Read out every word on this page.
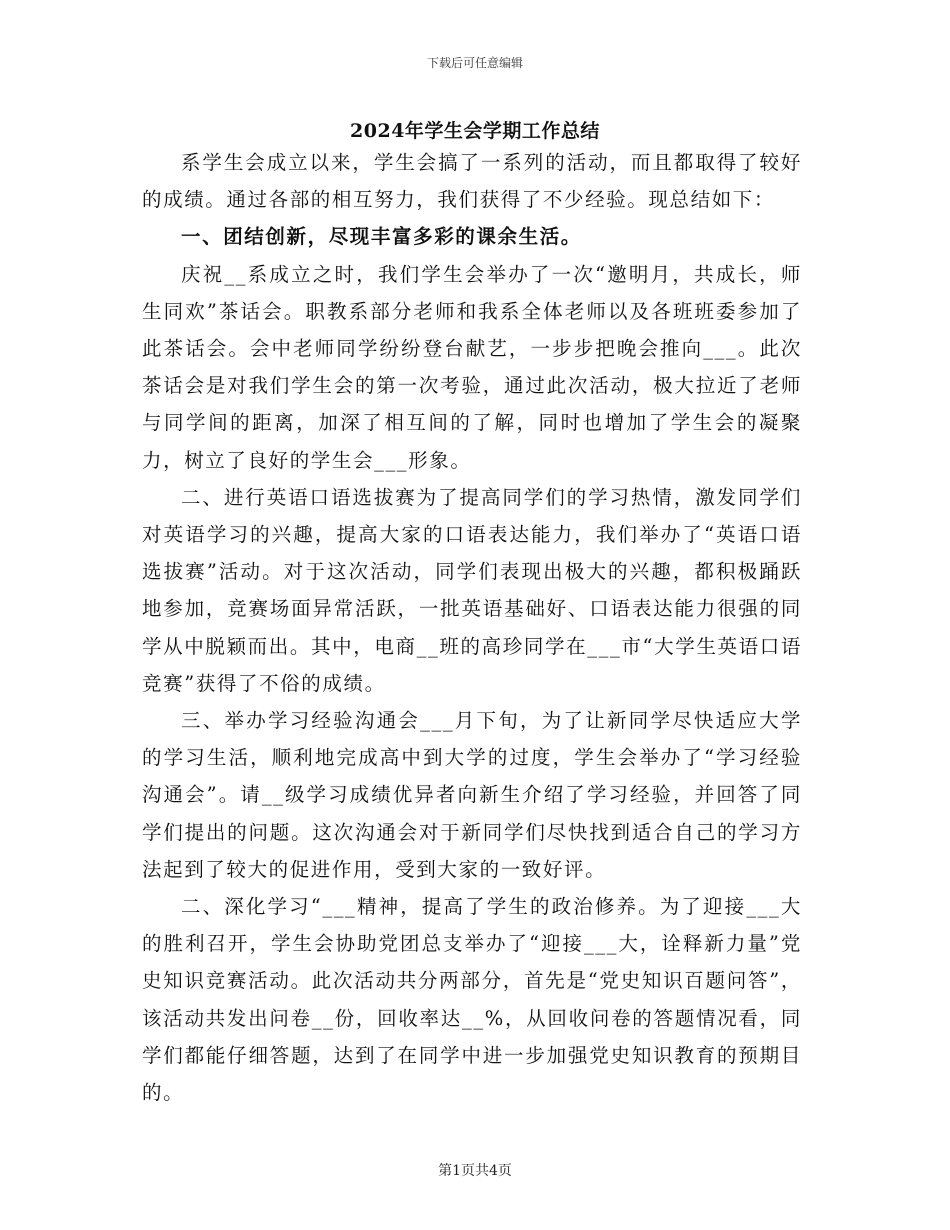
下载后可任意编辑
2024年学生会学期工作总结

系学生会成立以来，学生会搞了一系列的活动，而且都取得了较好的成绩。通过各部的相互努力，我们获得了不少经验。现总结如下：

一、团结创新，尽现丰富多彩的课余生活。

庆祝__系成立之时，我们学生会举办了一次“邀明月，共成长，师生同欢”茶话会。职教系部分老师和我系全体老师以及各班班委参加了此茶话会。会中老师同学纷纷登台献艺，一步步把晚会推向___。此次茶话会是对我们学生会的第一次考验，通过此次活动，极大拉近了老师与同学间的距离，加深了相互间的了解，同时也增加了学生会的凝聚力，树立了良好的学生会___形象。

二、进行英语口语选拔赛为了提高同学们的学习热情，激发同学们对英语学习的兴趣，提高大家的口语表达能力，我们举办了“英语口语选拔赛”活动。对于这次活动，同学们表现出极大的兴趣，都积极踊跃地参加，竞赛场面异常活跃，一批英语基础好、口语表达能力很强的同学从中脱颖而出。其中，电商__班的高珍同学在___市“大学生英语口语竞赛”获得了不俗的成绩。

三、举办学习经验沟通会___月下旬，为了让新同学尽快适应大学的学习生活，顺利地完成高中到大学的过度，学生会举办了“学习经验沟通会”。请__级学习成绩优异者向新生介绍了学习经验，并回答了同学们提出的问题。这次沟通会对于新同学们尽快找到适合自己的学习方法起到了较大的促进作用，受到大家的一致好评。

二、深化学习“___精神，提高了学生的政治修养。为了迎接___大的胜利召开，学生会协助党团总支举办了“迎接___大，诠释新力量”党史知识竞赛活动。此次活动共分两部分，首先是“党史知识百题问答”，该活动共发出问卷__份，回收率达__%，从回收问卷的答题情况看，同学们都能仔细答题，达到了在同学中进一步加强党史知识教育的预期目的。

第1页共4页
